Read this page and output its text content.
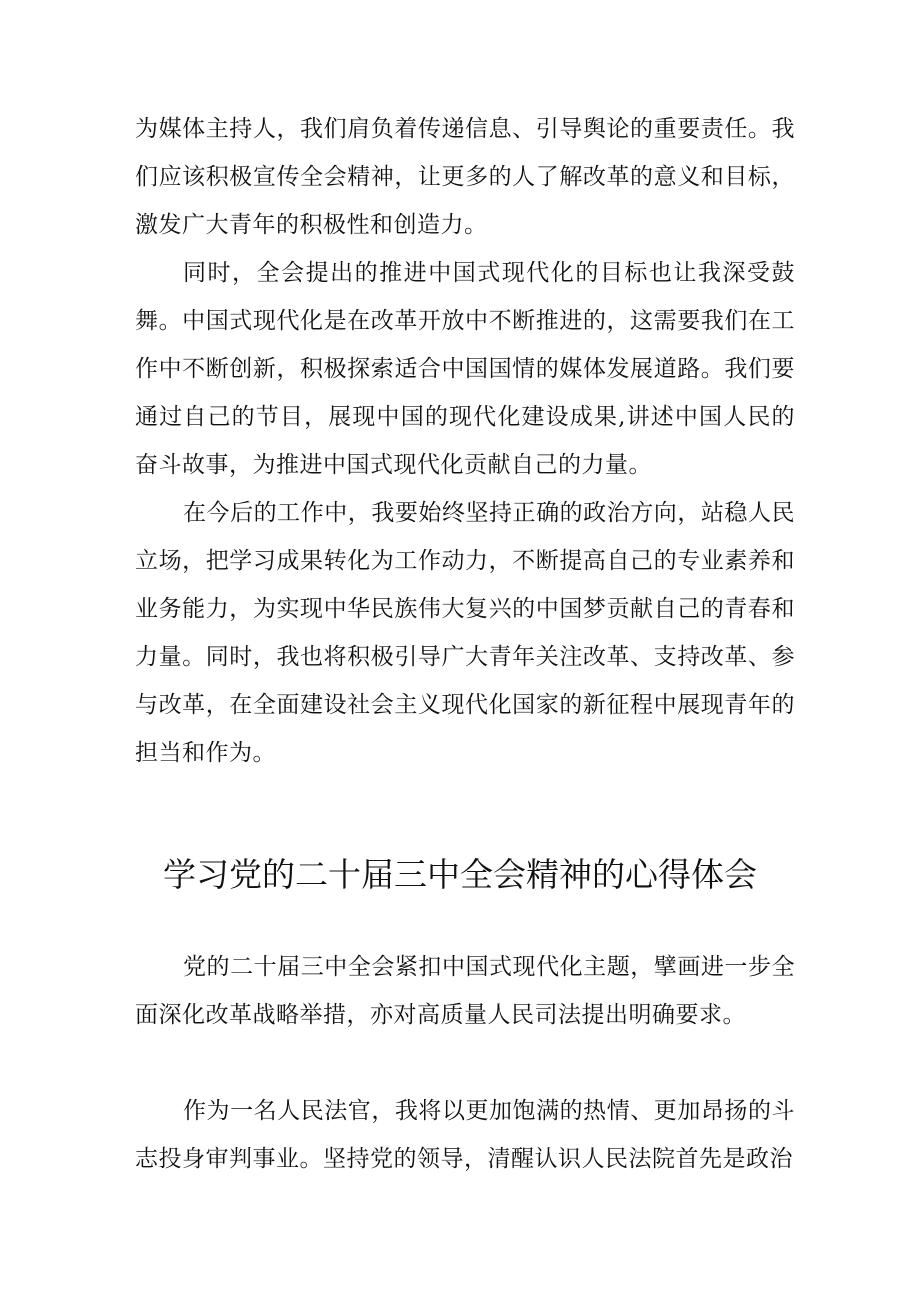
为媒体主持人，我们肩负着传递信息、引导舆论的重要责任。我们应该积极宣传全会精神，让更多的人了解改革的意义和目标，激发广大青年的积极性和创造力。

同时，全会提出的推进中国式现代化的目标也让我深受鼓舞。中国式现代化是在改革开放中不断推进的，这需要我们在工作中不断创新，积极探索适合中国国情的媒体发展道路。我们要通过自己的节目，展现中国的现代化建设成果,讲述中国人民的奋斗故事，为推进中国式现代化贡献自己的力量。

在今后的工作中，我要始终坚持正确的政治方向，站稳人民立场，把学习成果转化为工作动力，不断提高自己的专业素养和业务能力，为实现中华民族伟大复兴的中国梦贡献自己的青春和力量。同时，我也将积极引导广大青年关注改革、支持改革、参与改革，在全面建设社会主义现代化国家的新征程中展现青年的担当和作为。

学习党的二十届三中全会精神的心得体会

党的二十届三中全会紧扣中国式现代化主题，擘画进一步全面深化改革战略举措，亦对高质量人民司法提出明确要求。

作为一名人民法官，我将以更加饱满的热情、更加昂扬的斗志投身审判事业。坚持党的领导，清醒认识人民法院首先是政治
